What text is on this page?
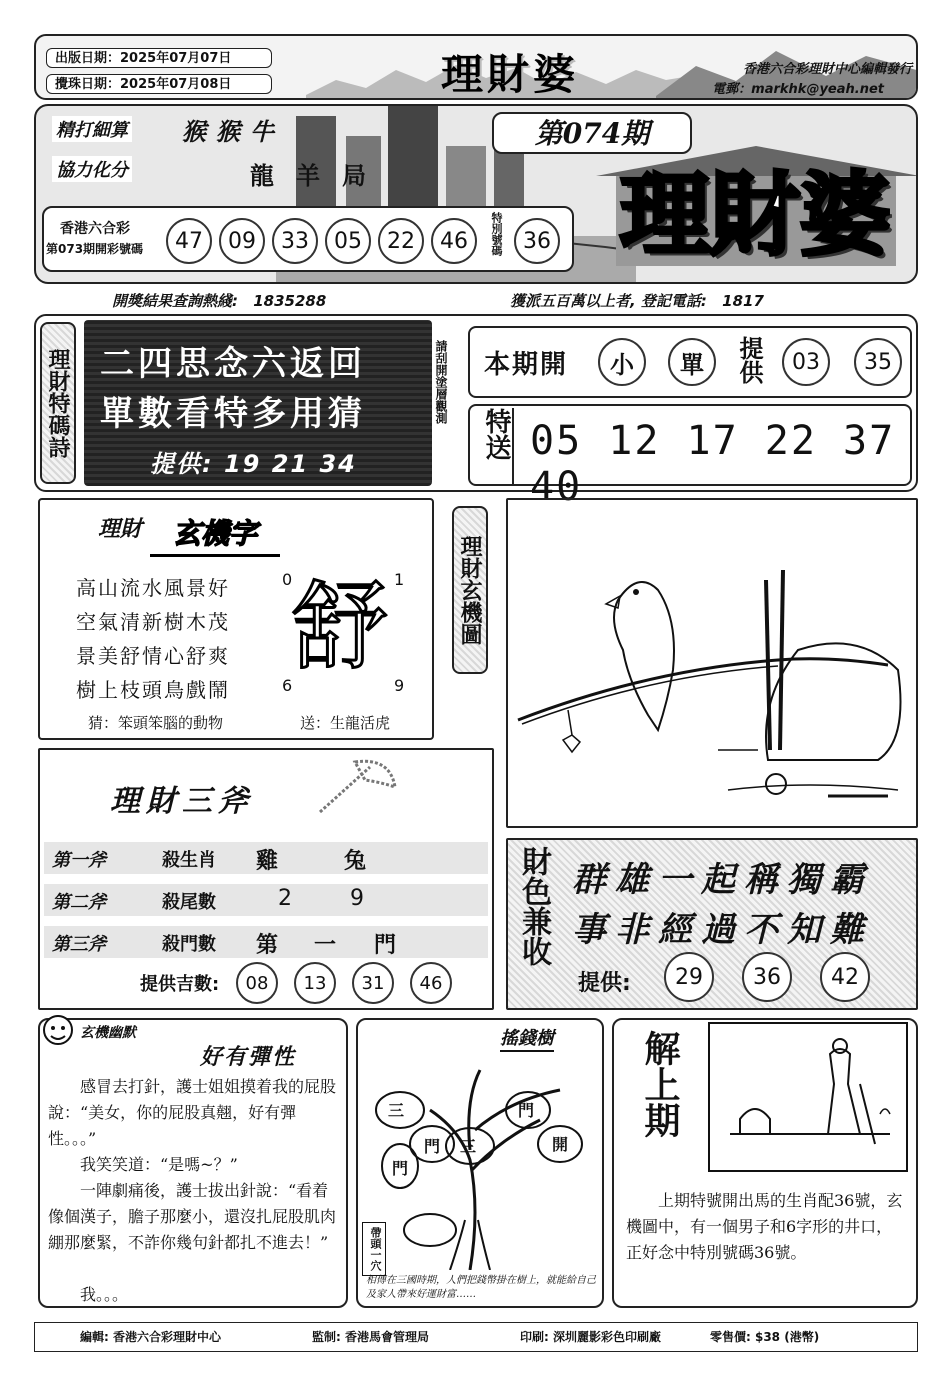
出版日期：2025年07月07日
攪珠日期：2025年07月08日	理財婆	香港六合彩理財中心編輯發行
電郵：markhk@yeah.net
精打細算 猴猴牛
協力化分	龍羊局
第074期
理財婆
香港六合彩
第073期開彩號碼	47	09	33	05	22	46	特別號碼 36
開獎結果查詢熱綫: 1835288	獲派五百萬以上者, 登記電話: 1817
理財特碼詩 二四思念六返回
單數看特多用猜
提供: 19 21 34
請刮開塗層觀測 本期開	小	單	提供	03	35
特送 05 12 17 22 37 40
理財	玄機字
高山流水風景好
空氣清新樹木茂
景美舒情心舒爽
樹上枝頭鳥戲鬧
0	1
6	9
舒
猜：笨頭笨腦的動物	送：生龍活虎
理財玄機圖
理財三斧
第一斧	殺生肖 雞	兔
第二斧	殺尾數	2	9
第三斧	殺門數 第 一 門
提供吉數:	08	13	31	46
財色兼收 群雄一起稱獨霸
事非經過不知難
提供:	29	36	42
玄機幽默
好有彈性
感冒去打針，護士姐姐摸着我的屁股說：“美女，你的屁股真翹，好有彈性。。。”
我笑笑道：“是嗎~？”
一陣劇痛後，護士拔出針說：“看着像個漢子，膽子那麼小，還沒扎屁股肌肉綳那麼緊，不詐你幾句針都扎不進去！”
我。。。
搖錢樹
三	門
開
三
門
門
帶頭一穴
相傳在三國時期，人們把錢幣掛在樹上，就能給自己及家人帶來好運財富……
解上期
上期特號開出馬的生肖配36號，玄機圖中，有一個男子和6字形的井口，正好念中特別號碼36號。
編輯: 香港六合彩理財中心	監制: 香港馬會管理局	印刷: 深圳麗影彩色印刷廠	零售價: $38 (港幣)
